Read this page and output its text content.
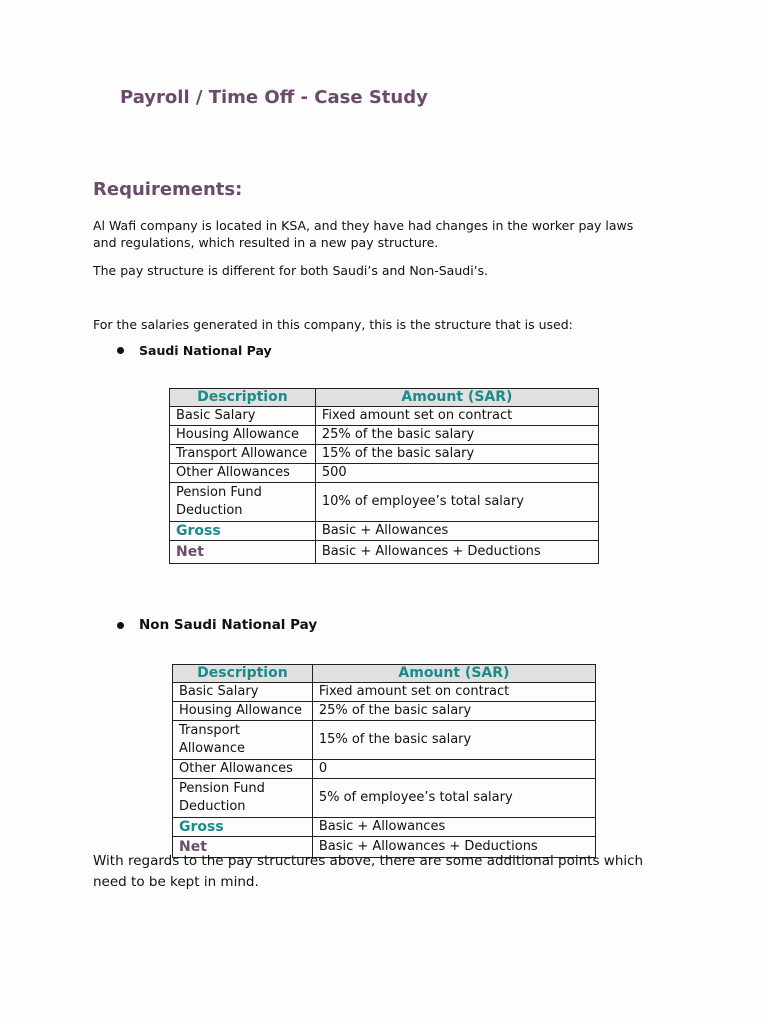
Payroll / Time Off - Case Study
Requirements:
Al Wafi company is located in KSA, and they have had changes in the worker pay laws and regulations, which resulted in a new pay structure.
The pay structure is different for both Saudi’s and Non-Saudi’s.
For the salaries generated in this company, this is the structure that is used:
Saudi National Pay
Description	Amount (SAR)
Basic Salary	Fixed amount set on contract
Housing Allowance	25% of the basic salary
Transport Allowance	15% of the basic salary
Other Allowances	500
Pension Fund Deduction	10% of employee’s total salary
Gross	Basic + Allowances
Net	Basic + Allowances + Deductions
Non Saudi National Pay
Description	Amount (SAR)
Basic Salary	Fixed amount set on contract
Housing Allowance	25% of the basic salary
Transport Allowance	15% of the basic salary
Other Allowances	0
Pension Fund Deduction	5% of employee’s total salary
Gross	Basic + Allowances
Net	Basic + Allowances + Deductions
With regards to the pay structures above, there are some additional points which need to be kept in mind.
